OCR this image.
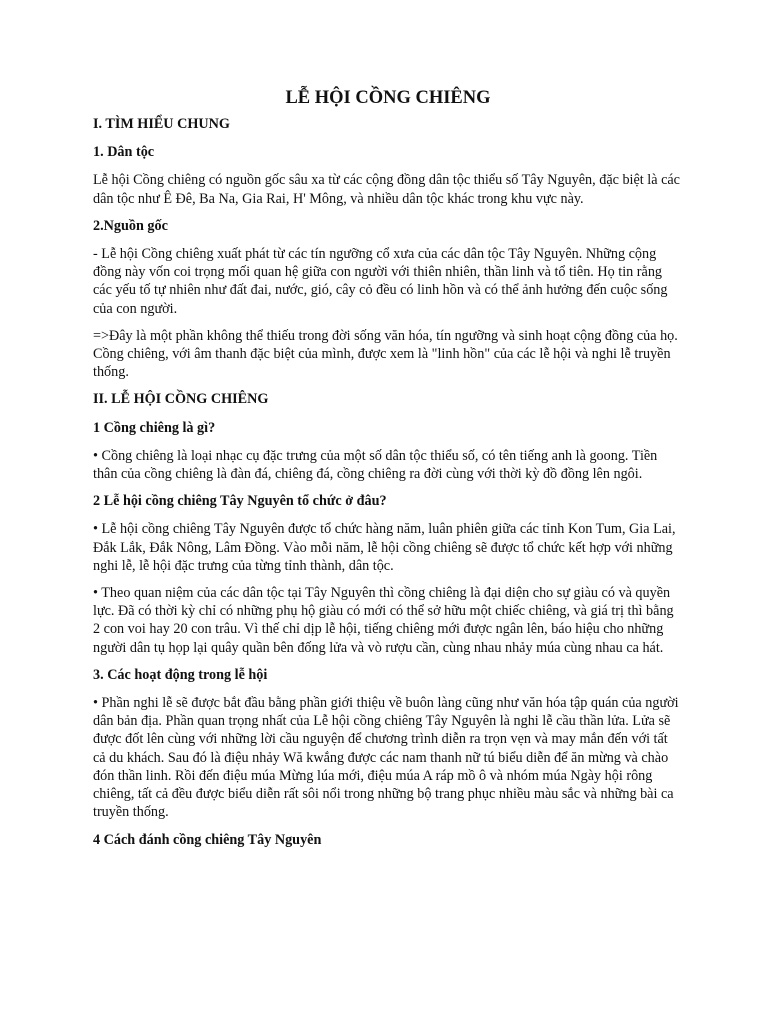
LỄ HỘI CỒNG CHIÊNG
I. TÌM HIỂU CHUNG
1. Dân tộc
Lễ hội Cồng chiêng có nguồn gốc sâu xa từ các cộng đồng dân tộc thiểu số Tây Nguyên, đặc biệt là các dân tộc như Ê Đê, Ba Na, Gia Rai, H' Mông, và nhiều dân tộc khác trong khu vực này.
2.Nguồn gốc
- Lễ hội Cồng chiêng xuất phát từ các tín ngưỡng cổ xưa của các dân tộc Tây Nguyên. Những cộng đồng này vốn coi trọng mối quan hệ giữa con người với thiên nhiên, thần linh và tổ tiên. Họ tin rằng các yếu tố tự nhiên như đất đai, nước, gió, cây cỏ đều có linh hồn và có thể ảnh hưởng đến cuộc sống của con người.
=>Đây là một phần không thể thiếu trong đời sống văn hóa, tín ngưỡng và sinh hoạt cộng đồng của họ. Cồng chiêng, với âm thanh đặc biệt của mình, được xem là "linh hồn" của các lễ hội và nghi lễ truyền thống.
II. LỄ HỘI CỒNG CHIÊNG
1 Cồng chiêng là gì?
• Cồng chiêng là loại nhạc cụ đặc trưng của một số dân tộc thiểu số, có tên tiếng anh là goong. Tiền thân của cồng chiêng là đàn đá, chiêng đá, cồng chiêng ra đời cùng với thời kỳ đồ đồng lên ngôi.
2 Lễ hội cồng chiêng Tây Nguyên tổ chức ở đâu?
• Lễ hội cồng chiêng Tây Nguyên được tổ chức hàng năm, luân phiên giữa các tỉnh Kon Tum, Gia Lai, Đắk Lắk, Đắk Nông, Lâm Đồng. Vào mỗi năm, lễ hội cồng chiêng sẽ được tổ chức kết hợp với những nghi lễ, lễ hội đặc trưng của từng tỉnh thành, dân tộc.
• Theo quan niệm của các dân tộc tại Tây Nguyên thì cồng chiêng là đại diện cho sự giàu có và quyền lực. Đã có thời kỳ chỉ có những phụ hộ giàu có mới có thể sở hữu một chiếc chiêng, và giá trị thì bằng 2 con voi hay 20 con trâu. Vì thế chỉ dịp lễ hội, tiếng chiêng mới được ngân lên, báo hiệu cho những người dân tụ họp lại quây quần bên đống lửa và vò rượu cần, cùng nhau nhảy múa cùng nhau ca hát.
3. Các hoạt động trong lễ hội
• Phần nghi lễ sẽ được bắt đầu bằng phần giới thiệu về buôn làng cũng như văn hóa tập quán của người dân bản địa. Phần quan trọng nhất của Lễ hội cồng chiêng Tây Nguyên là nghi lễ cầu thần lửa. Lửa sẽ được đốt lên cùng với những lời cầu nguyện để chương trình diễn ra trọn vẹn và may mắn đến với tất cả du khách. Sau đó là điệu nhảy Wă kwắng được các nam thanh nữ tú biểu diễn để ăn mừng và chào đón thần linh. Rồi đến điệu múa Mừng lúa mới, điệu múa A ráp mồ ô và nhóm múa Ngày hội rông chiêng, tất cả đều được biểu diễn rất sôi nổi trong những bộ trang phục nhiều màu sắc và những bài ca truyền thống.
4 Cách đánh cồng chiêng Tây Nguyên
